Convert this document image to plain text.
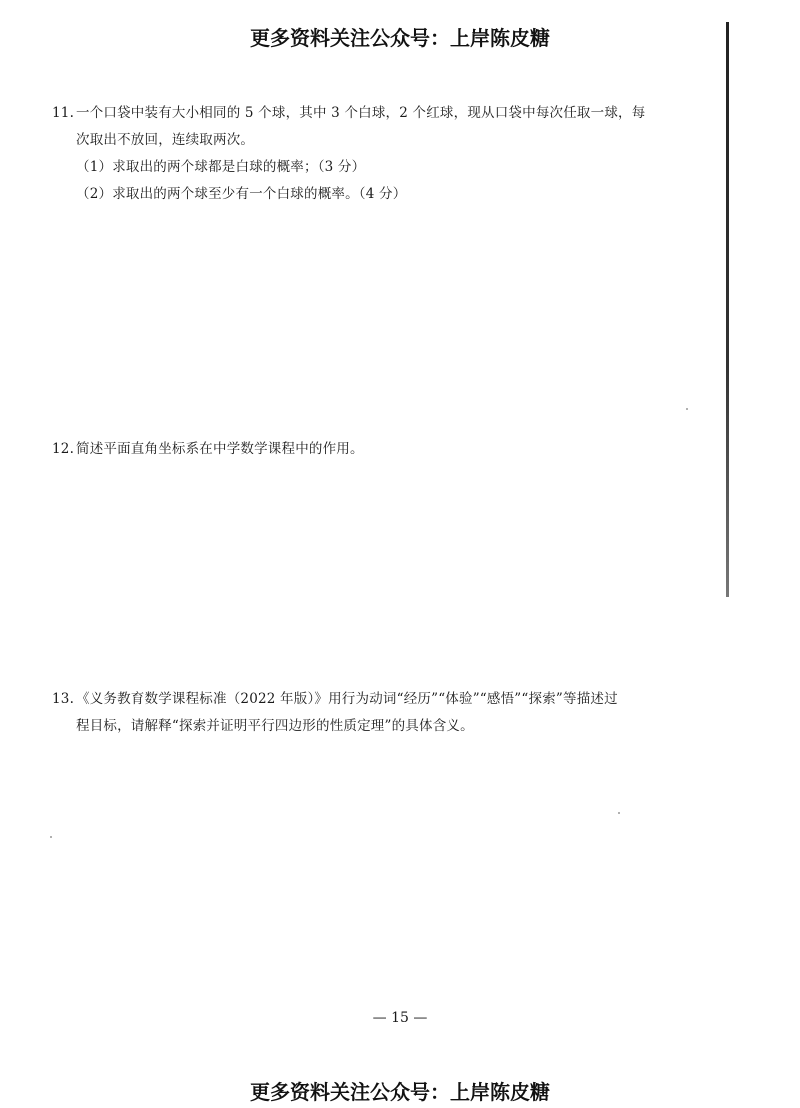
更多资料关注公众号：上岸陈皮糖
11. 一个口袋中装有大小相同的 5 个球，其中 3 个白球，2 个红球，现从口袋中每次任取一球，每
次取出不放回，连续取两次。
（1）求取出的两个球都是白球的概率；（3 分）
（2）求取出的两个球至少有一个白球的概率。（4 分）
12. 简述平面直角坐标系在中学数学课程中的作用。
13. 《义务教育数学课程标准（2022 年版）》用行为动词“经历”“体验”“感悟”“探索”等描述过
程目标，请解释“探索并证明平行四边形的性质定理”的具体含义。
— 15 —
更多资料关注公众号：上岸陈皮糖
